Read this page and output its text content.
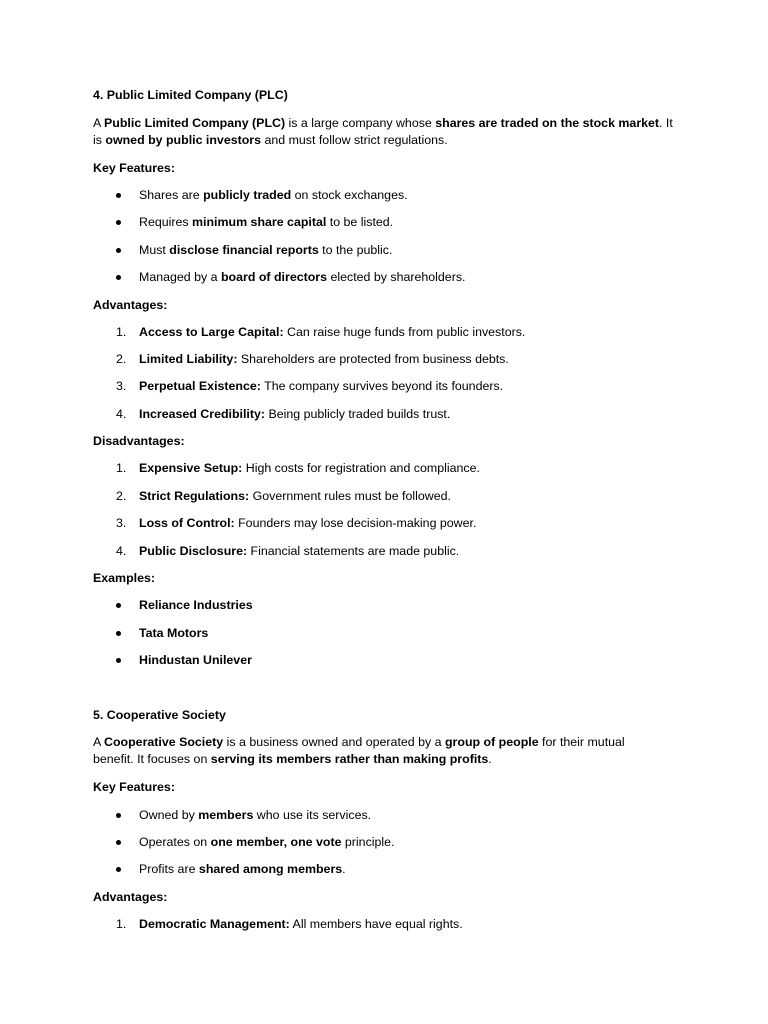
4. Public Limited Company (PLC)
A Public Limited Company (PLC) is a large company whose shares are traded on the stock market. It
is owned by public investors and must follow strict regulations.
Key Features:
Shares are publicly traded on stock exchanges.
Requires minimum share capital to be listed.
Must disclose financial reports to the public.
Managed by a board of directors elected by shareholders.
Advantages:
1. Access to Large Capital: Can raise huge funds from public investors.
2. Limited Liability: Shareholders are protected from business debts.
3. Perpetual Existence: The company survives beyond its founders.
4. Increased Credibility: Being publicly traded builds trust.
Disadvantages:
1. Expensive Setup: High costs for registration and compliance.
2. Strict Regulations: Government rules must be followed.
3. Loss of Control: Founders may lose decision-making power.
4. Public Disclosure: Financial statements are made public.
Examples:
Reliance Industries
Tata Motors
Hindustan Unilever
5. Cooperative Society
A Cooperative Society is a business owned and operated by a group of people for their mutual
benefit. It focuses on serving its members rather than making profits.
Key Features:
Owned by members who use its services.
Operates on one member, one vote principle.
Profits are shared among members.
Advantages:
1. Democratic Management: All members have equal rights.
